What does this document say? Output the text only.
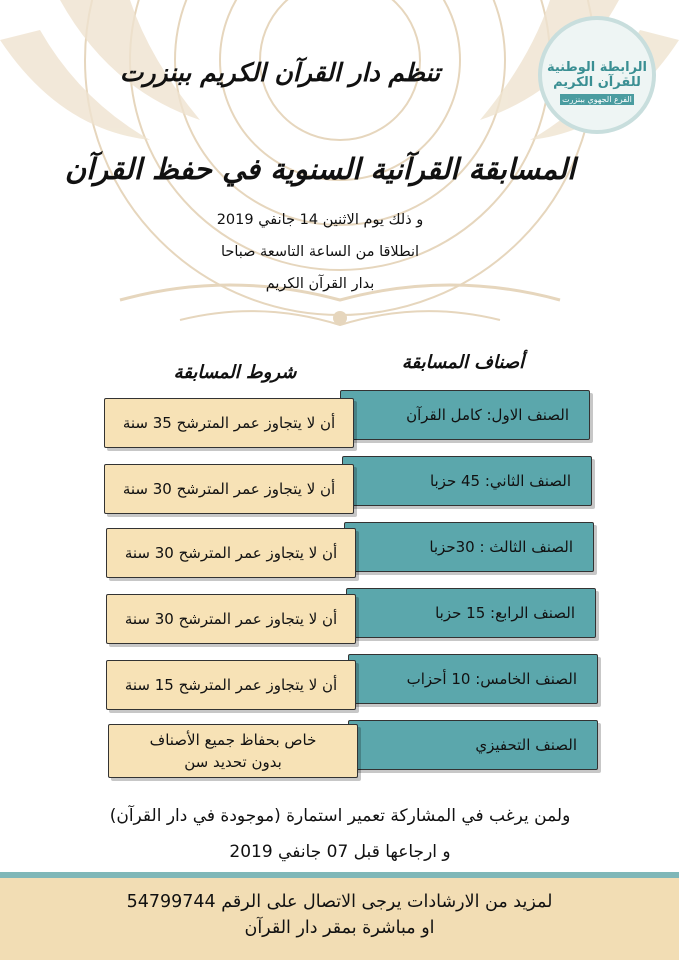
الرابطة الوطنية
للقرآن الكريم
الفرع الجهوي ببنزرت
تنظم دار القرآن الكريم ببنزرت
المسابقة القرآنية السنوية في حفظ القرآن
و ذلك يوم الاثنين 14 جانفي 2019
انطلاقا من الساعة التاسعة صباحا
بدار القرآن الكريم
أصناف المسابقة
شروط المسابقة
الصنف الاول: كامل القرآن
الصنف الثاني: 45 حزبا
الصنف الثالث : 30حزبا
الصنف الرابع: 15 حزبا
الصنف الخامس: 10 أحزاب
الصنف التحفيزي
أن لا يتجاوز عمر المترشح 35 سنة
أن لا يتجاوز عمر المترشح 30 سنة
أن لا يتجاوز عمر المترشح 30 سنة
أن لا يتجاوز عمر المترشح 30 سنة
أن لا يتجاوز عمر المترشح 15 سنة
خاص بحفاظ جميع الأصناف
بدون تحديد سن
ولمن يرغب في المشاركة تعمير استمارة (موجودة في دار القرآن)
و ارجاعها قبل 07 جانفي 2019
لمزيد من الارشادات يرجى الاتصال على الرقم 54799744
او مباشرة بمقر دار القرآن
